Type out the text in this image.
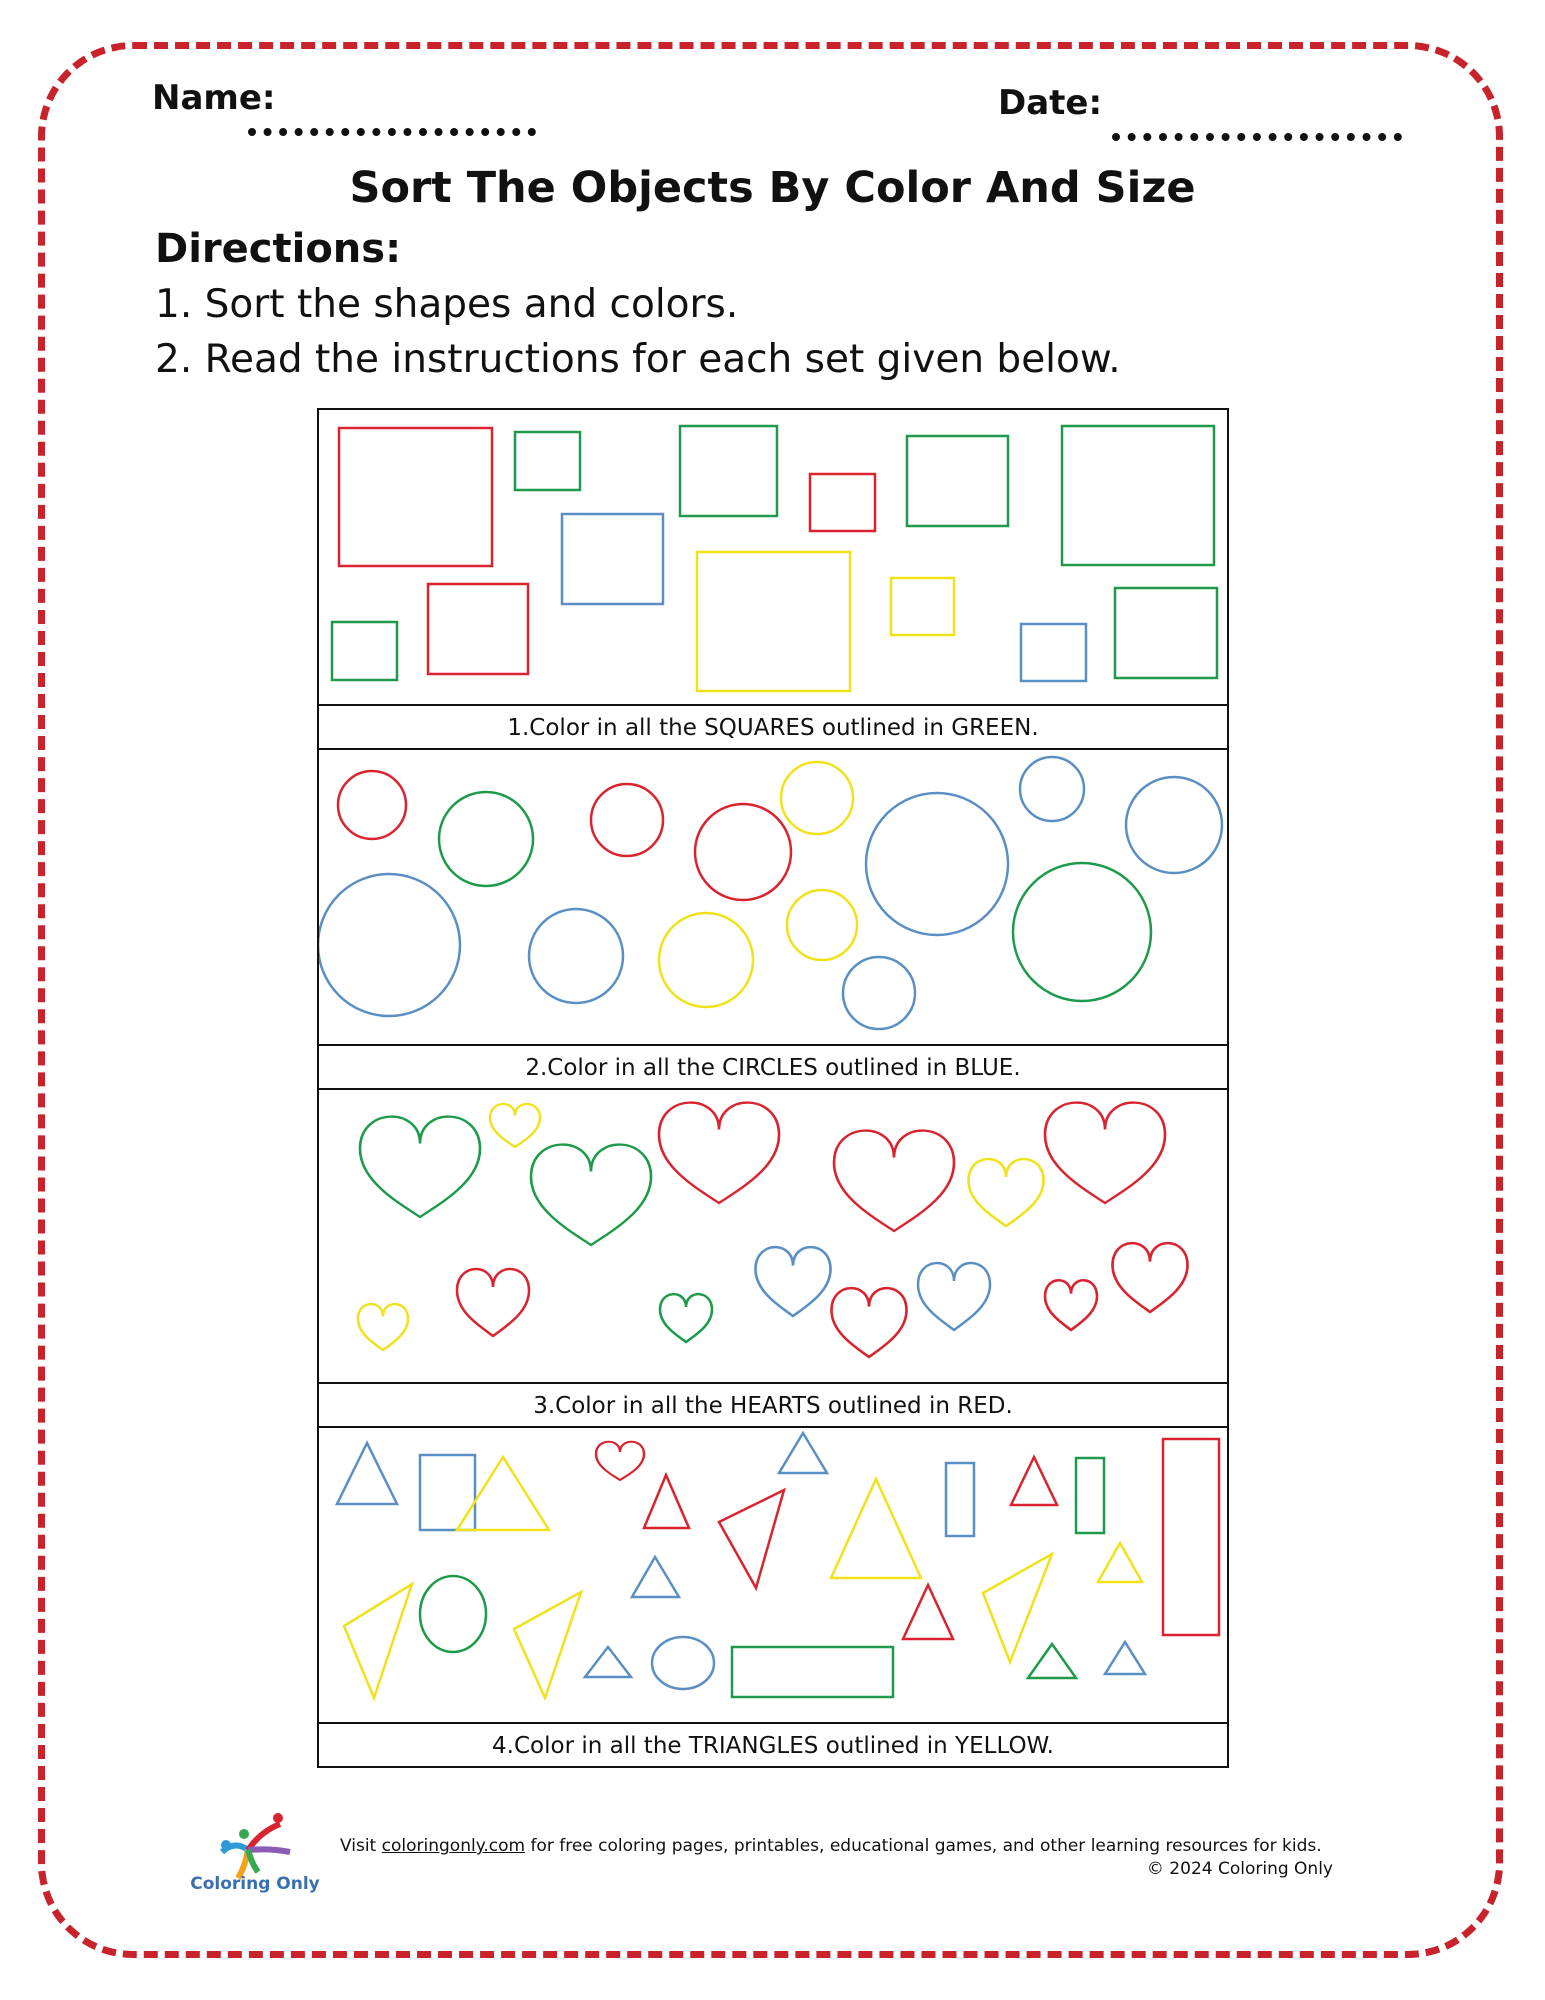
Name:	Date:
Sort The Objects By Color And Size
Directions:
1. Sort the shapes and colors.
2. Read the instructions for each set given below.
1.Color in all the SQUARES outlined in GREEN.
2.Color in all the CIRCLES outlined in BLUE.
3.Color in all the HEARTS outlined in RED.
4.Color in all the TRIANGLES outlined in YELLOW.
Coloring Only
Visit coloringonly.com for free coloring pages, printables, educational games, and other learning resources for kids.
© 2024 Coloring Only
